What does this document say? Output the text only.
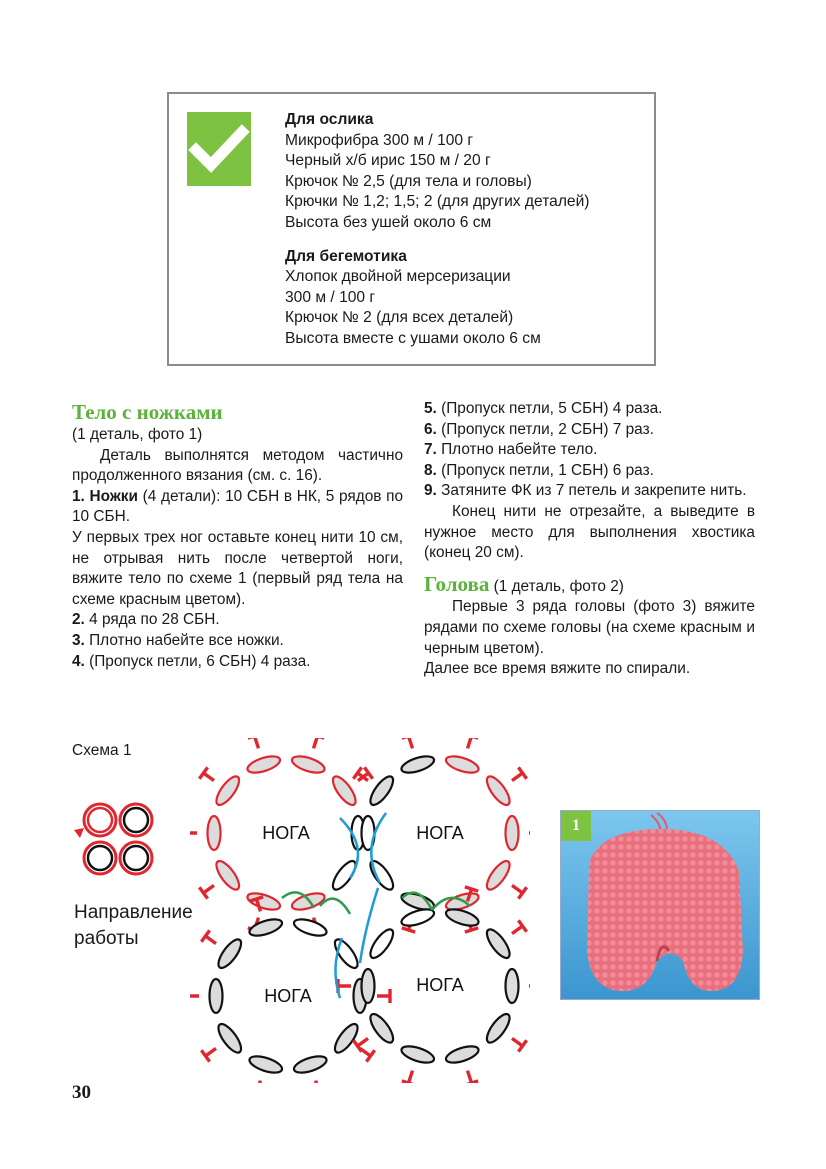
Для ослика
Микрофибра 300 м / 100 г
Черный х/б ирис 150 м / 20 г
Крючок № 2,5 (для тела и головы)
Крючки № 1,2; 1,5; 2 (для других деталей)
Высота без ушей около 6 см
Для бегемотика
Хлопок двойной мерсеризации
300 м / 100 г
Крючок № 2 (для всех деталей)
Высота вместе с ушами около 6 см
Тело с ножками

(1 деталь, фото 1)

Деталь выполнятся методом частично продолженного вязания (см. с. 16).

1. Ножки (4 детали): 10 СБН в НК, 5 рядов по 10 СБН.

У первых трех ног оставьте конец нити 10 см, не отрывая нить после четвертой ноги, вяжите тело по схеме 1 (первый ряд тела на схеме красным цветом).

2. 4 ряда по 28 СБН.

3. Плотно набейте все ножки.

4. (Пропуск петли, 6 СБН) 4 раза.

5. (Пропуск петли, 5 СБН) 4 раза.

6. (Пропуск петли, 2 СБН) 7 раз.

7. Плотно набейте тело.

8. (Пропуск петли, 1 СБН) 6 раз.

9. Затяните ФК из 7 петель и закрепите нить.

Конец нити не отрезайте, а выведите в нужное место для выполнения хвостика (конец 20 см).

Голова (1 деталь, фото 2)

Первые 3 ряда головы (фото 3) вяжите рядами по схеме головы (на схеме красным и черным цветом).

Далее все время вяжите по спирали.

Схема 1
Направление
работы
НОГА	НОГА
НОГА
НОГА
1
30
